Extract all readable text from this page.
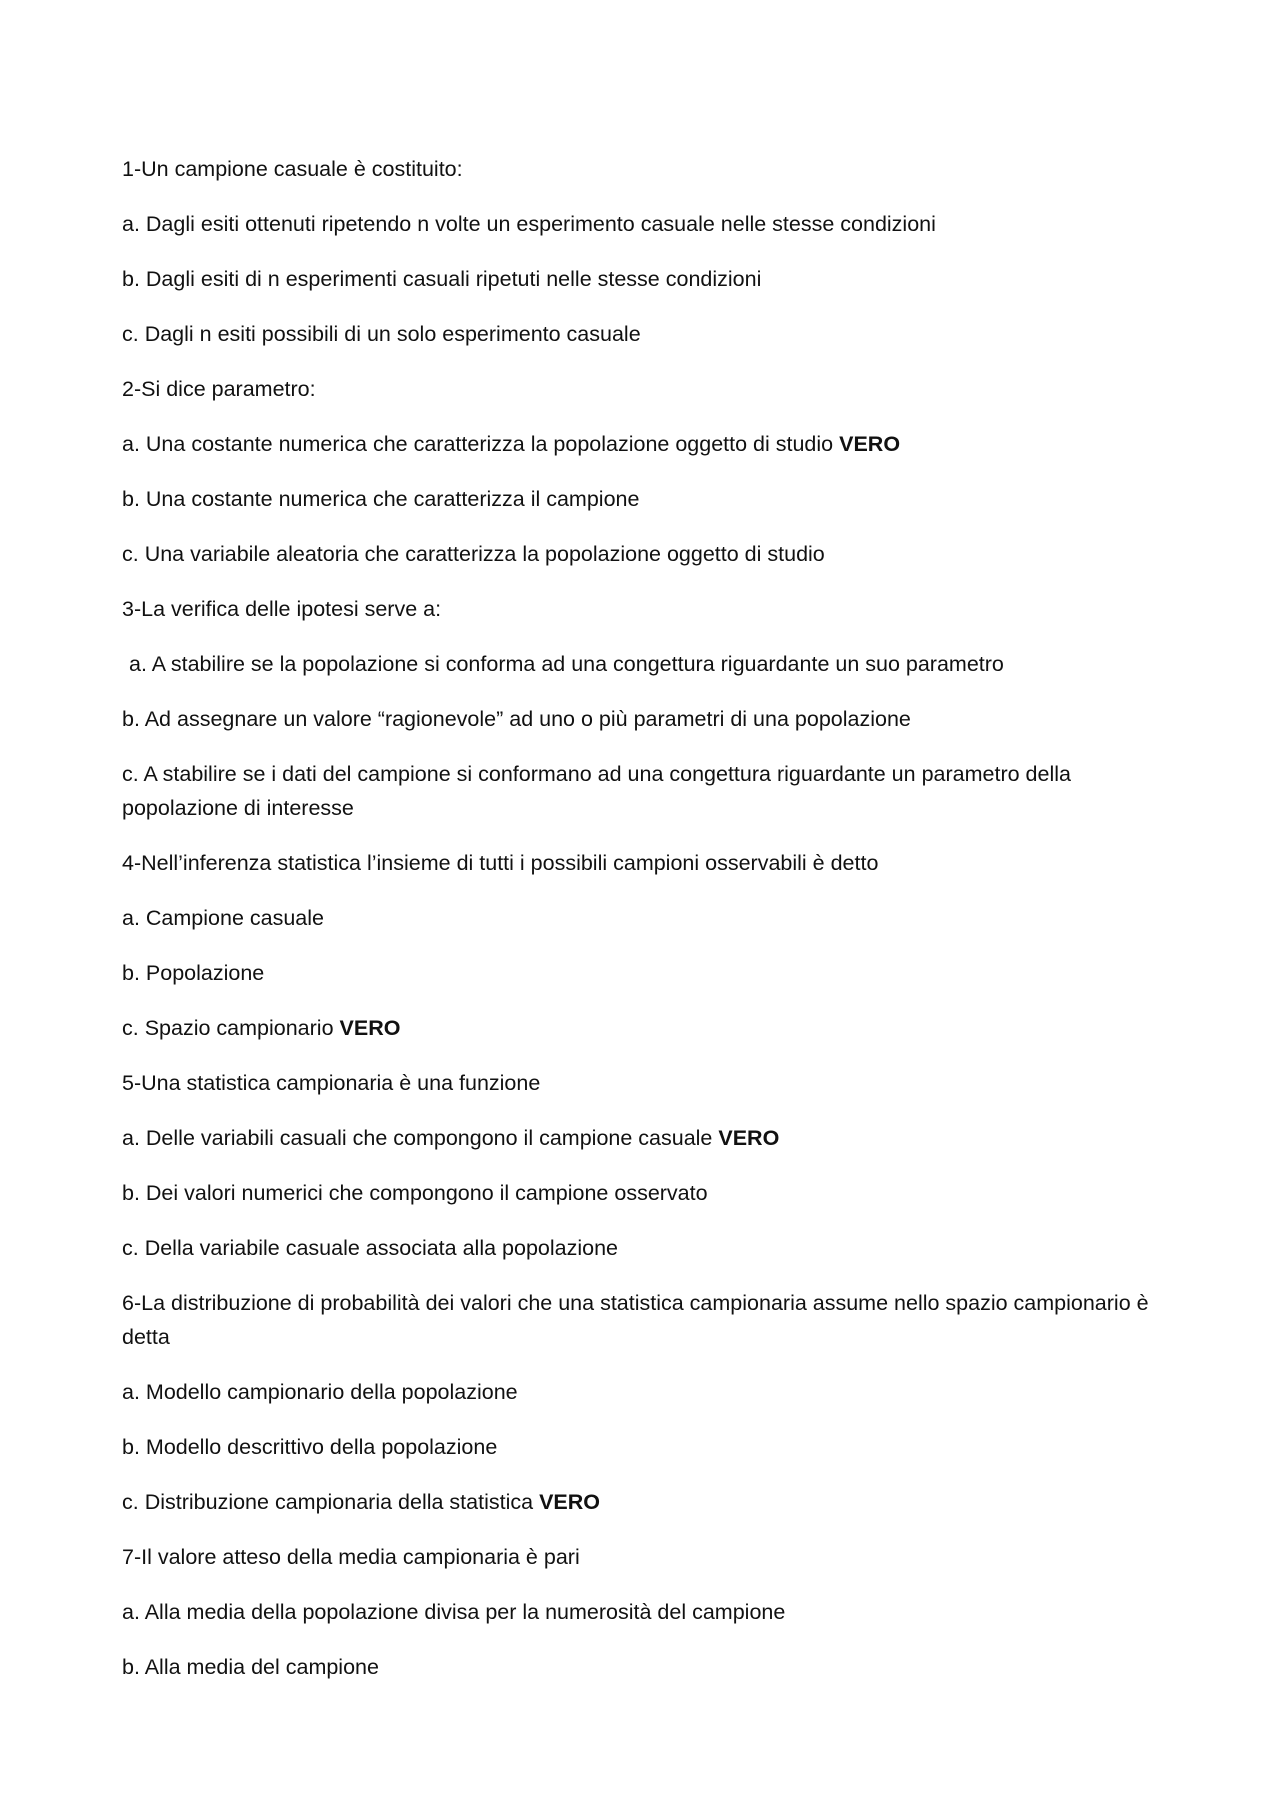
1-Un campione casuale è costituito:
a. Dagli esiti ottenuti ripetendo n volte un esperimento casuale nelle stesse condizioni
b. Dagli esiti di n esperimenti casuali ripetuti nelle stesse condizioni
c. Dagli n esiti possibili di un solo esperimento casuale
2-Si dice parametro:
a. Una costante numerica che caratterizza la popolazione oggetto di studio VERO
b. Una costante numerica che caratterizza il campione
c. Una variabile aleatoria che caratterizza la popolazione oggetto di studio
3-La verifica delle ipotesi serve a:
a. A stabilire se la popolazione si conforma ad una congettura riguardante un suo parametro
b. Ad assegnare un valore “ragionevole” ad uno o più parametri di una popolazione
c. A stabilire se i dati del campione si conformano ad una congettura riguardante un parametro della popolazione di interesse
4-Nell’inferenza statistica l’insieme di tutti i possibili campioni osservabili è detto
a. Campione casuale
b. Popolazione
c. Spazio campionario VERO
5-Una statistica campionaria è una funzione
a. Delle variabili casuali che compongono il campione casuale VERO
b. Dei valori numerici che compongono il campione osservato
c. Della variabile casuale associata alla popolazione
6-La distribuzione di probabilità dei valori che una statistica campionaria assume nello spazio campionario è detta
a. Modello campionario della popolazione
b. Modello descrittivo della popolazione
c. Distribuzione campionaria della statistica VERO
7-Il valore atteso della media campionaria è pari
a. Alla media della popolazione divisa per la numerosità del campione
b. Alla media del campione
